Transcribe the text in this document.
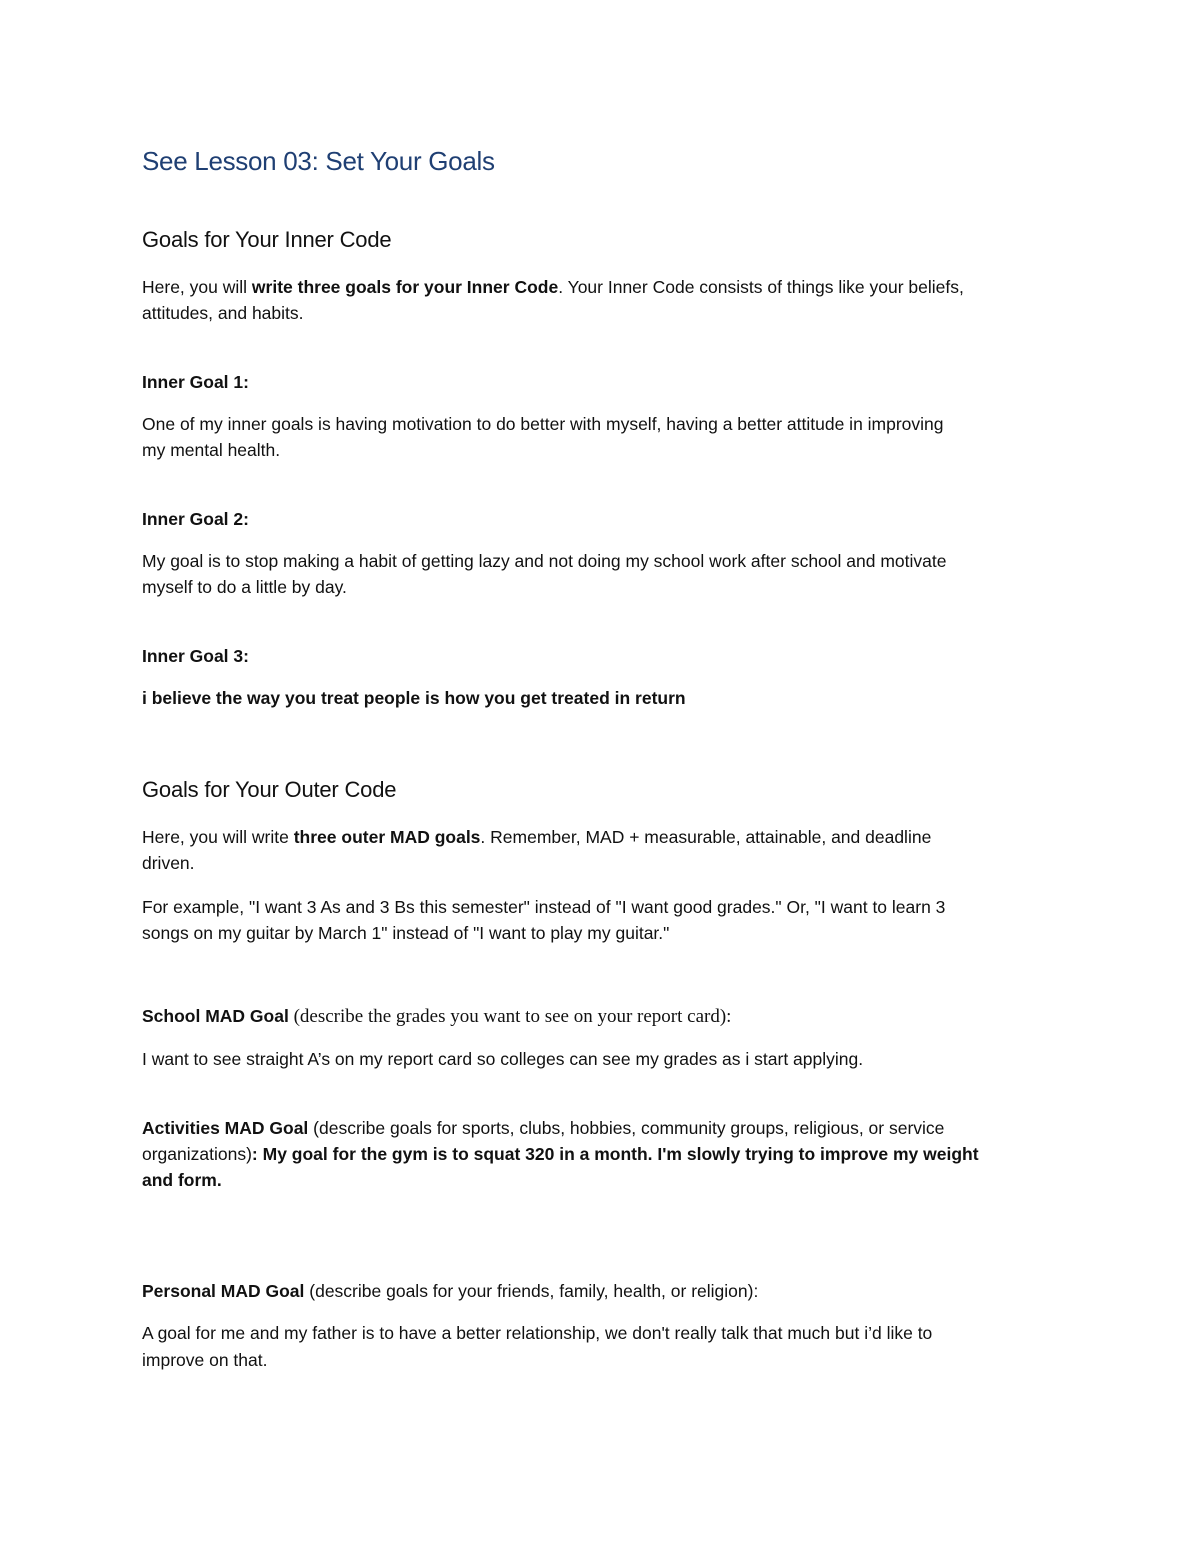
See Lesson 03: Set Your Goals
Goals for Your Inner Code
Here, you will write three goals for your Inner Code. Your Inner Code consists of things like your beliefs,
attitudes, and habits.
Inner Goal 1:
One of my inner goals is having motivation to do better with myself, having a better attitude in improving
my mental health.
Inner Goal 2:
My goal is to stop making a habit of getting lazy and not doing my school work after school and motivate
myself to do a little by day.
Inner Goal 3:
i believe the way you treat people is how you get treated in return
Goals for Your Outer Code
Here, you will write three outer MAD goals. Remember, MAD + measurable, attainable, and deadline
driven.
For example, "I want 3 As and 3 Bs this semester" instead of "I want good grades." Or, "I want to learn 3
songs on my guitar by March 1" instead of "I want to play my guitar."
School MAD Goal (describe the grades you want to see on your report card):
I want to see straight A’s on my report card so colleges can see my grades as i start applying.
Activities MAD Goal (describe goals for sports, clubs, hobbies, community groups, religious, or service
organizations): My goal for the gym is to squat 320 in a month. I'm slowly trying to improve my weight
and form.
Personal MAD Goal (describe goals for your friends, family, health, or religion):
A goal for me and my father is to have a better relationship, we don't really talk that much but i’d like to
improve on that.
